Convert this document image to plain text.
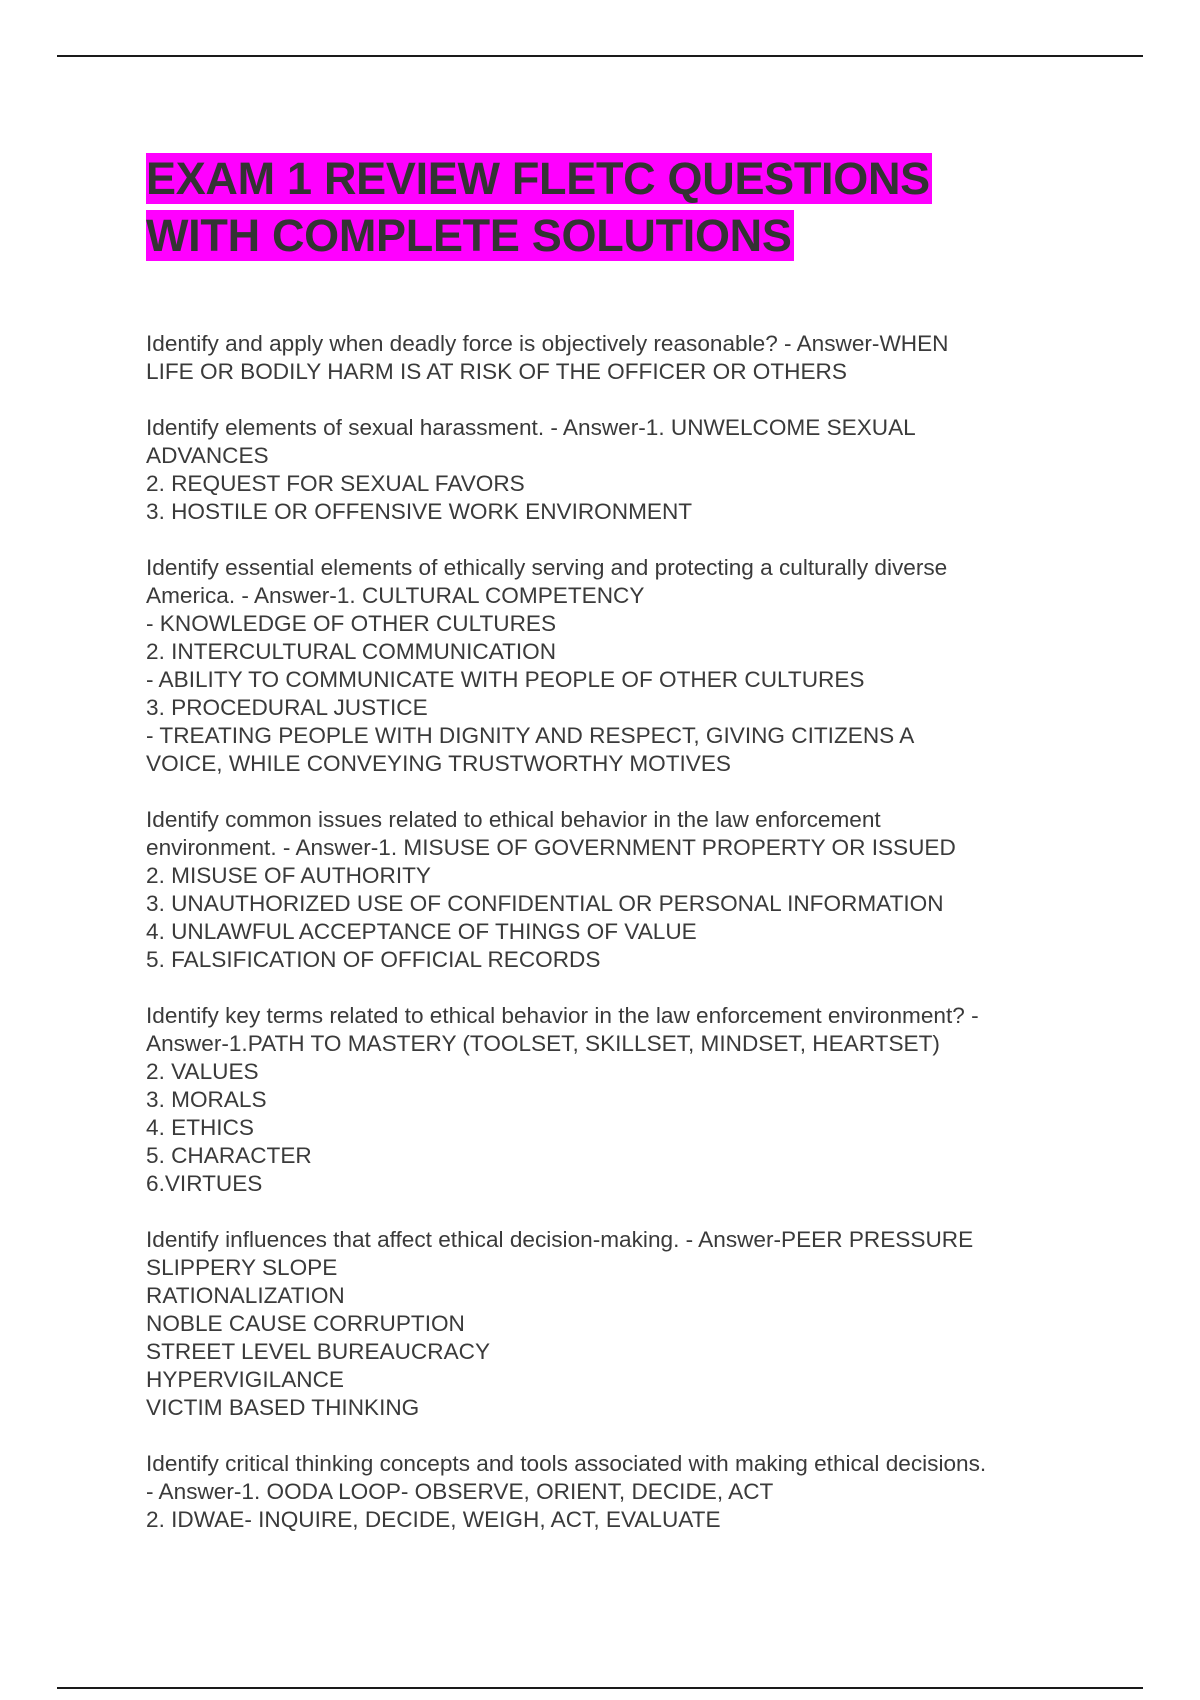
EXAM 1 REVIEW FLETC QUESTIONS
WITH COMPLETE SOLUTIONS

Identify and apply when deadly force is objectively reasonable? - Answer-WHEN
LIFE OR BODILY HARM IS AT RISK OF THE OFFICER OR OTHERS

Identify elements of sexual harassment. - Answer-1. UNWELCOME SEXUAL
ADVANCES
2. REQUEST FOR SEXUAL FAVORS
3. HOSTILE OR OFFENSIVE WORK ENVIRONMENT

Identify essential elements of ethically serving and protecting a culturally diverse
America. - Answer-1. CULTURAL COMPETENCY
- KNOWLEDGE OF OTHER CULTURES
2. INTERCULTURAL COMMUNICATION
- ABILITY TO COMMUNICATE WITH PEOPLE OF OTHER CULTURES
3. PROCEDURAL JUSTICE
- TREATING PEOPLE WITH DIGNITY AND RESPECT, GIVING CITIZENS A
VOICE, WHILE CONVEYING TRUSTWORTHY MOTIVES

Identify common issues related to ethical behavior in the law enforcement
environment. - Answer-1. MISUSE OF GOVERNMENT PROPERTY OR ISSUED
2. MISUSE OF AUTHORITY
3. UNAUTHORIZED USE OF CONFIDENTIAL OR PERSONAL INFORMATION
4. UNLAWFUL ACCEPTANCE OF THINGS OF VALUE
5. FALSIFICATION OF OFFICIAL RECORDS

Identify key terms related to ethical behavior in the law enforcement environment? -
Answer-1.PATH TO MASTERY (TOOLSET, SKILLSET, MINDSET, HEARTSET)
2. VALUES
3. MORALS
4. ETHICS
5. CHARACTER
6.VIRTUES

Identify influences that affect ethical decision-making. - Answer-PEER PRESSURE
SLIPPERY SLOPE
RATIONALIZATION
NOBLE CAUSE CORRUPTION
STREET LEVEL BUREAUCRACY
HYPERVIGILANCE
VICTIM BASED THINKING

Identify critical thinking concepts and tools associated with making ethical decisions.
- Answer-1. OODA LOOP- OBSERVE, ORIENT, DECIDE, ACT
2. IDWAE- INQUIRE, DECIDE, WEIGH, ACT, EVALUATE
